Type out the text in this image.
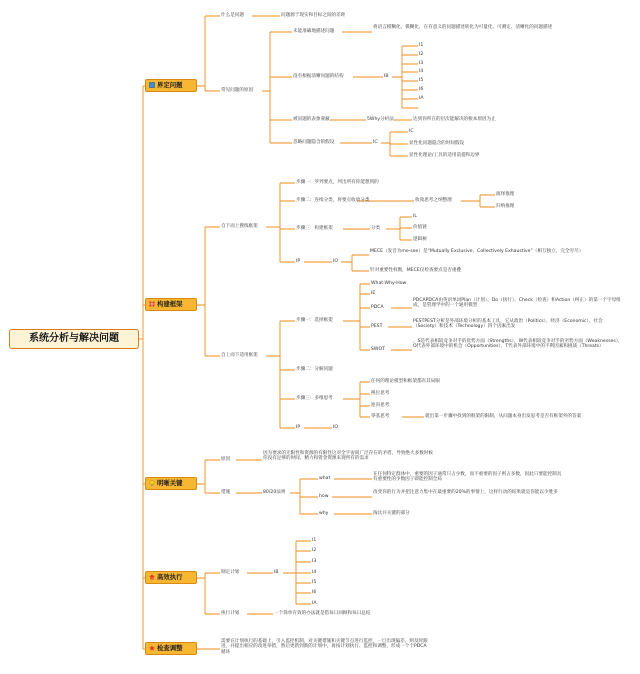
系统分析与解决问题
界定问题
构建框架
明晰关键
高效执行
检查调整
什么是问题	问题源于现实和目标之间的差距
常见问题的原因
未能准确地描述问题
将语言模糊化、模糊化，在有意义的问题描述转化为可量化、可测定、清晰化的问题描述
没有根据清晰问题的结构	IB
I1
I2
I3
I4
I5
I6
IA
被问题的表象蒙蔽	5Why分析法	达到你所在的层次能解决的根本原因为止
忽略问题隐含的假设	IC
IC
显性化问题隐含的时间假设
显性化理论/工具的适用前提和边界
自下而上搜练框架
步骤一：罗列要点，列出所有你能想到的
步骤二：连续分类，将要点收放分类	收敛思考之纳整理
演绎推理
归纳推理
步骤三：构建框架	分类
IL
价值链
逻辑树
IP	IO
MECE（发音为me-see）是“Mutually Exclusive，Collectively Exhaustive”（相互独立，完全穷尽）
针对重要性权衡，MECE仅检查要点是否重叠
自上而下适用框架
步骤一：选择框架
What-Why-How
IE
PDCA
PDCAPDCA由英语单词Plan（计划）、Do（执行）、Check（检查）和Action（纠正）的第一个字母组成，是管理学中的一个通用模型
PEST
PESTPEST分析是外部环境分析的基本工具，它从政治（Politics）、经济（Economic）、社会（Society）和技术（Technology）四个因素出发
SWOT
，S是代表相较竞争对手的优势方面（Strengths），W代表相较竞争对手的劣势方面（Weaknesses），O代表外部环境中的机会（Opportunities），T代表外部环境中的不利因素和挑战（Threats）
步骤二：分解问题
步骤三：多维思考
任何的理论模型和框架都有其局限
换位思考
逆向思考
零基思考	就出第一步骤中找到的框架的限制，从问题本身出发思考是否有框架外的答案
IP	IO
原因
因为要求的无限性和资源的有限性这对全宇宙间广泛存在的矛盾，导致绝大多数时候你没有足够的时间、精力和资金资源来现所有的需求
措施	80/20法则
what
在任何特定群体中，重要的因子通常只占少数，而不重要的因子则占多数，因此只要能控制具有重要性的少数因子即能控制全局
how
改变你的行为并把注意力集中在最重要的20%的事情上，这样行动的结果就是你能以少胜多
why	淘汰并关键的部分
制定计划	IB
I1
I2
I3
I4
I5
I6
IA
执行计划	一个简单有效的办法就是借每日回顾和每日总结
需要在计划执行的基础上，引入监控机制，对关键措施和关键节点进行监控，一旦出现偏差，则及时跟进，并提出相应的改进举措，然后更新到新的计划中，再按计划执行、监控和调整，形成一个个PDCA循环
